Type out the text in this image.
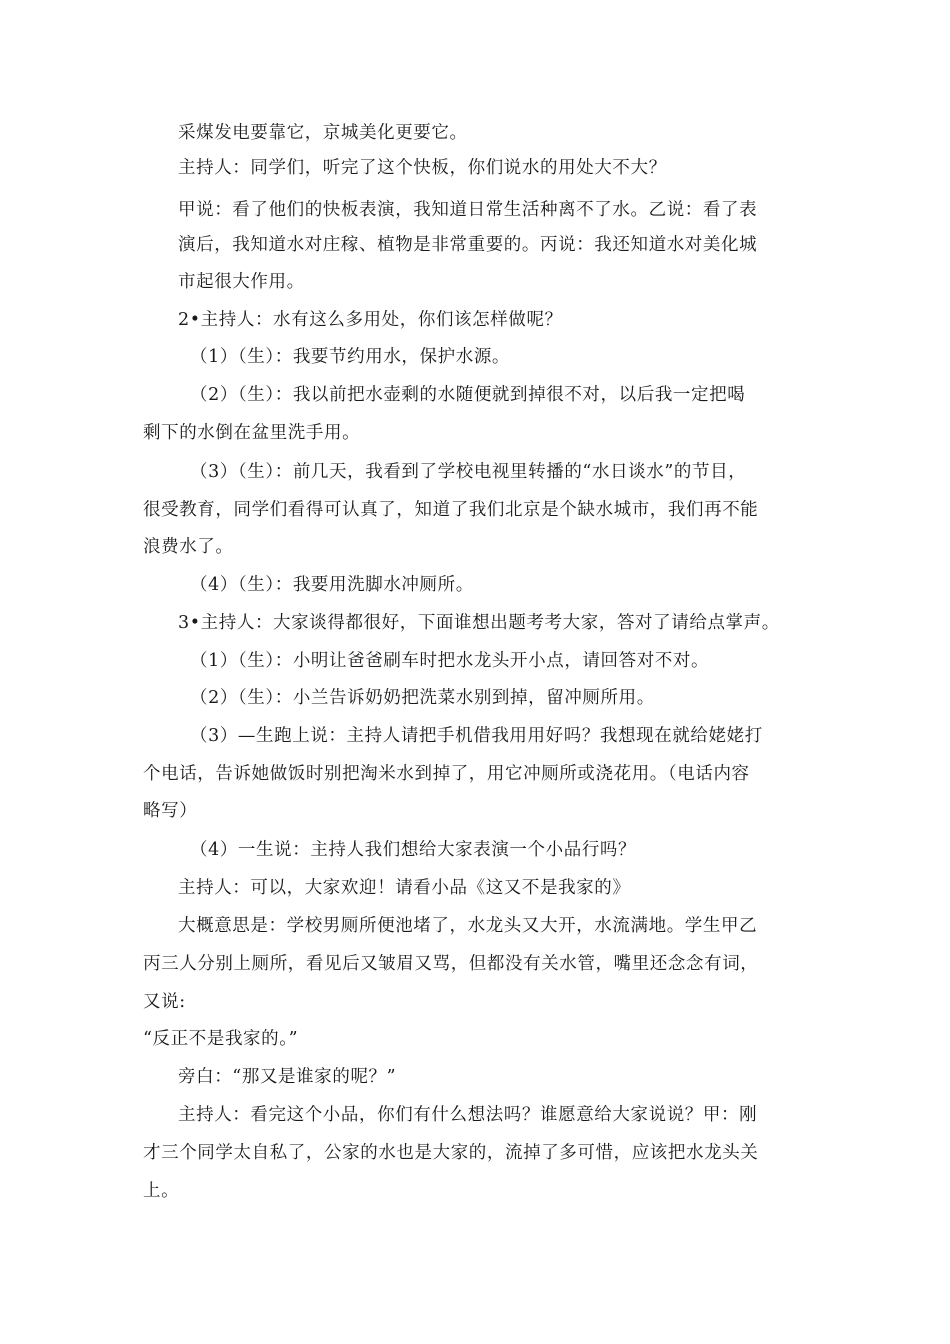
采煤发电要靠它，京城美化更要它。
主持人：同学们，听完了这个快板，你们说水的用处大不大？
甲说：看了他们的快板表演，我知道日常生活种离不了水。乙说：看了表
演后，我知道水对庄稼、植物是非常重要的。丙说：我还知道水对美化城
市起很大作用。
2•主持人：水有这么多用处，你们该怎样做呢？
（1）（生）：我要节约用水，保护水源。
（2）（生）：我以前把水壶剩的水随便就到掉很不对，以后我一定把喝
剩下的水倒在盆里洗手用。
（3）（生）：前几天，我看到了学校电视里转播的“水日谈水”的节目，
很受教育，同学们看得可认真了，知道了我们北京是个缺水城市，我们再不能
浪费水了。
（4）（生）：我要用洗脚水冲厕所。
3•主持人：大家谈得都很好，下面谁想出题考考大家，答对了请给点掌声。
（1）（生）：小明让爸爸刷车时把水龙头开小点，请回答对不对。
（2）（生）：小兰告诉奶奶把洗菜水别到掉，留冲厕所用。
（3）—生跑上说：主持人请把手机借我用用好吗？我想现在就给姥姥打
个电话，告诉她做饭时别把淘米水到掉了，用它冲厕所或浇花用。（电话内容
略写）
（4）一生说：主持人我们想给大家表演一个小品行吗？
主持人：可以，大家欢迎！请看小品《这又不是我家的》
大概意思是：学校男厕所便池堵了，水龙头又大开，水流满地。学生甲乙
丙三人分别上厕所，看见后又皱眉又骂，但都没有关水管，嘴里还念念有词，
又说:
“反正不是我家的。”
旁白：“那又是谁家的呢？”
主持人：看完这个小品，你们有什么想法吗？谁愿意给大家说说？甲：刚
才三个同学太自私了，公家的水也是大家的，流掉了多可惜，应该把水龙头关
上。
